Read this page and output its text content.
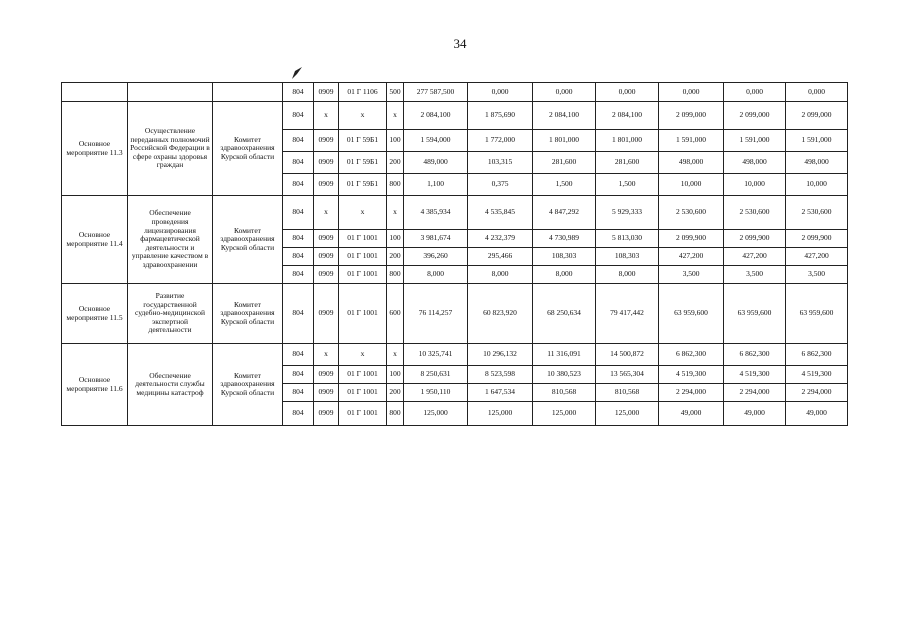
34
			804	0909	01 Г 1106	500	277 587,500	0,000	0,000	0,000	0,000	0,000	0,000
Основное мероприятие 11.3	Осуществление переданных полномочий Российской Федерации в сфере охраны здоровья граждан	Комитет здравоохранения Курской области	804	х	х	х	2 084,100	1 875,690	2 084,100	2 084,100	2 099,000	2 099,000	2 099,000
			804	0909	01 Г 59Б1	100	1 594,000	1 772,000	1 801,000	1 801,000	1 591,000	1 591,000	1 591,000
			804	0909	01 Г 59Б1	200	489,000	103,315	281,600	281,600	498,000	498,000	498,000
			804	0909	01 Г 59Б1	800	1,100	0,375	1,500	1,500	10,000	10,000	10,000
Основное мероприятие 11.4	Обеспечение проведения лицензирования фармацевтической деятельности и управление качеством в здравоохранении	Комитет здравоохранения Курской области	804	х	х	х	4 385,934	4 535,845	4 847,292	5 929,333	2 530,600	2 530,600	2 530,600
			804	0909	01 Г 1001	100	3 981,674	4 232,379	4 730,989	5 813,030	2 099,900	2 099,900	2 099,900
			804	0909	01 Г 1001	200	396,260	295,466	108,303	108,303	427,200	427,200	427,200
			804	0909	01 Г 1001	800	8,000	8,000	8,000	8,000	3,500	3,500	3,500
Основное мероприятие 11.5	Развитие государственной судебно-медицинской экспертной деятельности	Комитет здравоохранения Курской области	804	0909	01 Г 1001	600	76 114,257	60 823,920	68 250,634	79 417,442	63 959,600	63 959,600	63 959,600
Основное мероприятие 11.6	Обеспечение деятельности службы медицины катастроф	Комитет здравоохранения Курской области	804	х	х	х	10 325,741	10 296,132	11 316,091	14 500,872	6 862,300	6 862,300	6 862,300
			804	0909	01 Г 1001	100	8 250,631	8 523,598	10 380,523	13 565,304	4 519,300	4 519,300	4 519,300
			804	0909	01 Г 1001	200	1 950,110	1 647,534	810,568	810,568	2 294,000	2 294,000	2 294,000
			804	0909	01 Г 1001	800	125,000	125,000	125,000	125,000	49,000	49,000	49,000
